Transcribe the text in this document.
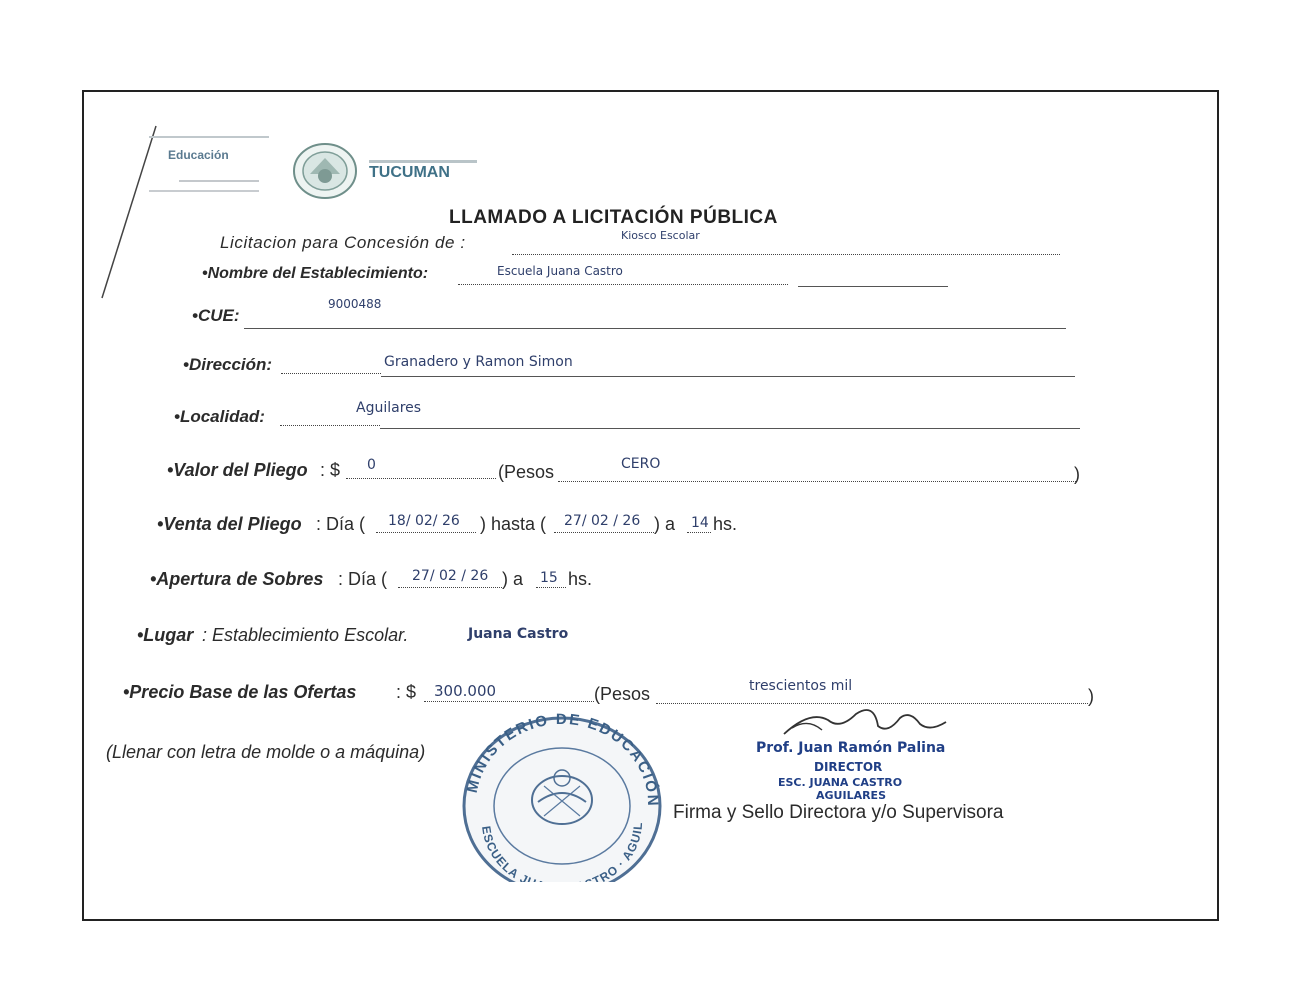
Educación
TUCUMAN
LLAMADO A LICITACIÓN PÚBLICA
Licitacion para Concesión de :	Kiosco Escolar
•Nombre del Establecimiento:	Escuela Juana Castro
•CUE:
9000488
•Dirección:	Granadero y Ramon Simon
•Localidad:	Aguilares
•Valor del Pliego : $ 0	(Pesos	CERO	)
•Venta del Pliego : Día ( 18/ 02/ 26 ) hasta ( 27/ 02 / 26 ) a 14 hs.
•Apertura de Sobres : Día ( 27/ 02 / 26 ) a 15 hs.
•Lugar : Establecimiento Escolar.	Juana Castro
•Precio Base de las Ofertas : $ 300.000	(Pesos	trescientos mil	)
(Llenar con letra de molde o a máquina)
MINISTERIO DE EDUCACIÓN
ESCUELA J TRO · AGUIL
Prof. Juan Ramón Palina
DIRECTOR
ESC. JUANA CASTRO
AGUILARES
Firma y Sello Directora y/o Supervisora
